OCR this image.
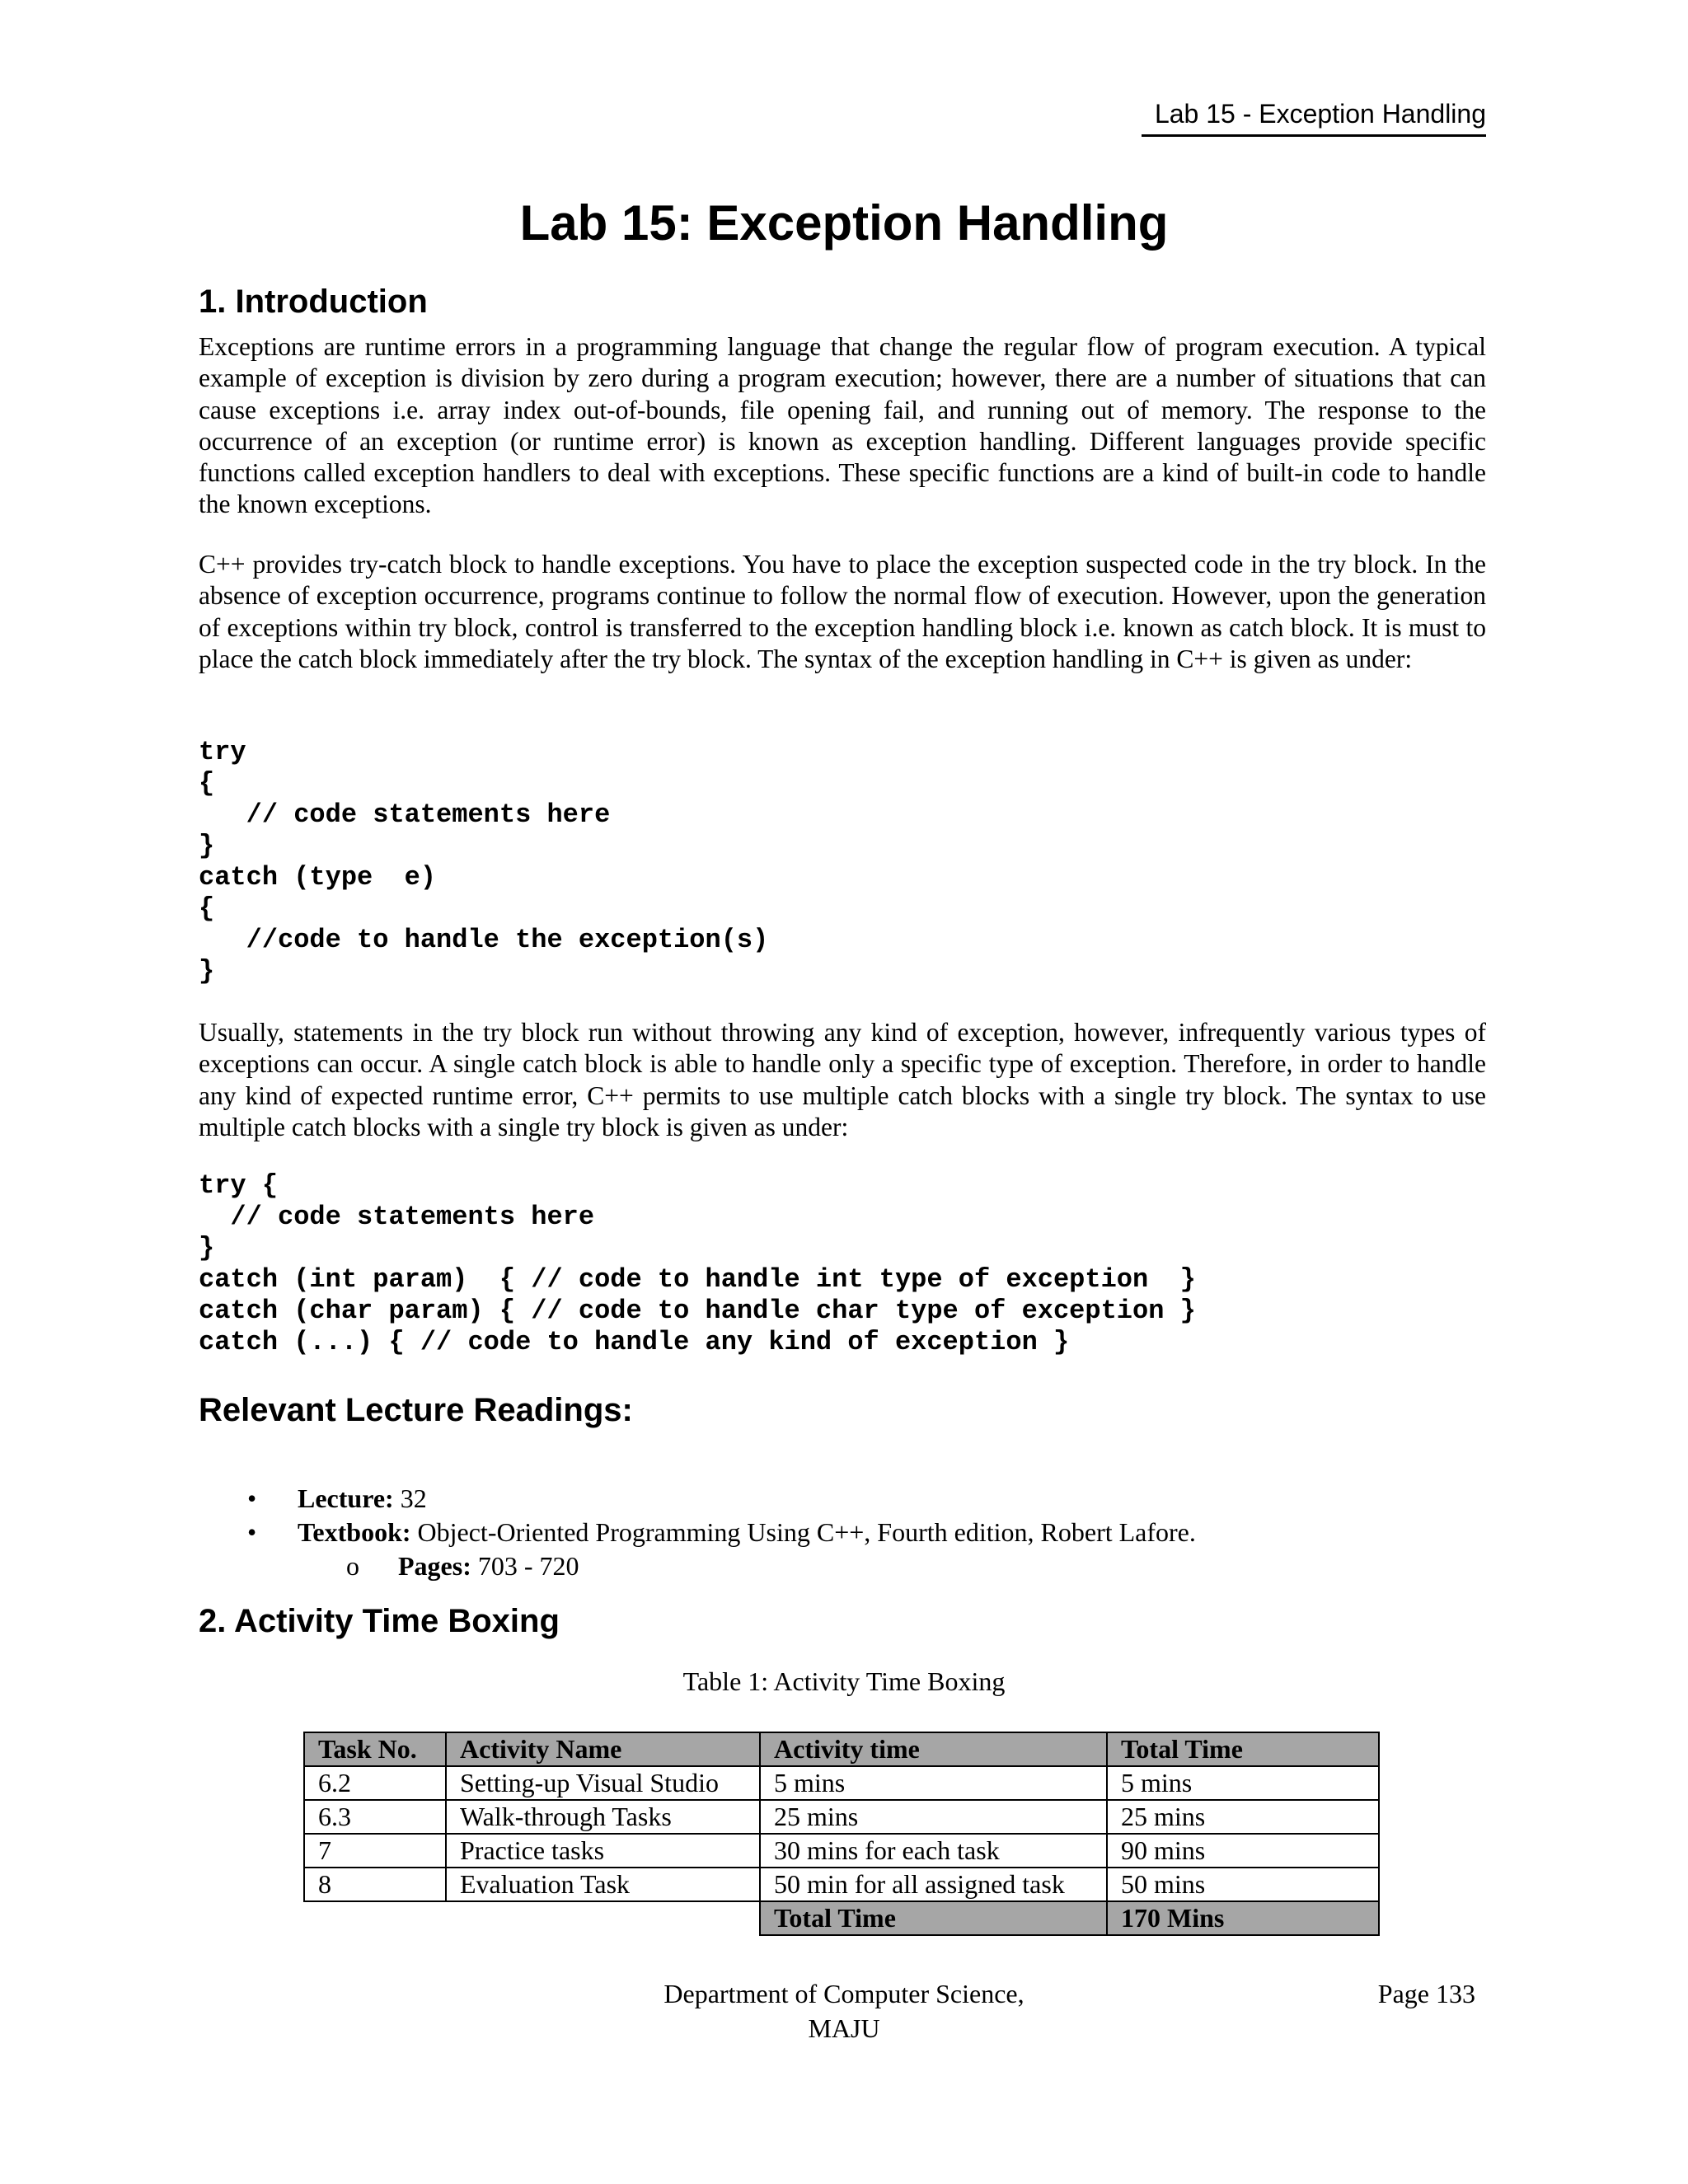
Lab 15 - Exception Handling
Lab 15: Exception Handling
1. Introduction

Exceptions are runtime errors in a programming language that change the regular flow of program execution. A typical example of exception is division by zero during a program execution; however, there are a number of situations that can cause exceptions i.e. array index out-of-bounds, file opening fail, and running out of memory. The response to the occurrence of an exception (or runtime error) is known as exception handling. Different languages provide specific functions called exception handlers to deal with exceptions. These specific functions are a kind of built-in code to handle the known exceptions.

C++ provides try-catch block to handle exceptions. You have to place the exception suspected code in the try block. In the absence of exception occurrence, programs continue to follow the normal flow of execution. However, upon the generation of exceptions within try block, control is transferred to the exception handling block i.e. known as catch block. It is must to place the catch block immediately after the try block. The syntax of the exception handling in C++ is given as under:

try
{
// code statements here
}
catch (type  e)
{
//code to handle the exception(s)
}

Usually, statements in the try block run without throwing any kind of exception, however, infrequently various types of exceptions can occur. A single catch block is able to handle only a specific type of exception. Therefore, in order to handle any kind of expected runtime error, C++ permits to use multiple catch blocks with a single try block. The syntax to use multiple catch blocks with a single try block is given as under:

try {
// code statements here
}
catch (int param)  { // code to handle int type of exception  }
catch (char param) { // code to handle char type of exception }
catch (...) { // code to handle any kind of exception }
Relevant Lecture Readings:
• Lecture: 32
• Textbook: Object-Oriented Programming Using C++, Fourth edition, Robert Lafore.
o Pages: 703 - 720
2. Activity Time Boxing
Table 1: Activity Time Boxing
Task No.	Activity Name	Activity time	Total Time
6.2	Setting-up Visual Studio	5 mins	5 mins
6.3	Walk-through Tasks	25 mins	25 mins
7	Practice tasks	30 mins for each task	90 mins
8	Evaluation Task	50 min for all assigned task	50 mins
		Total Time	170 Mins
Department of Computer Science,
MAJU
Page 133
